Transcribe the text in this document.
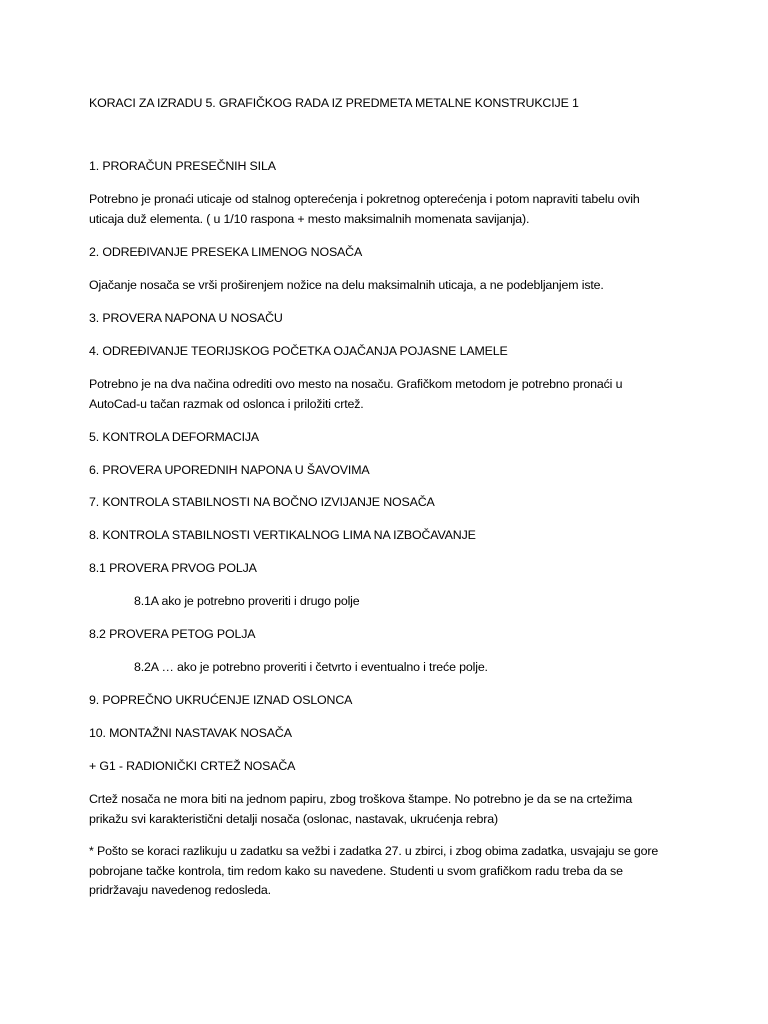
KORACI ZA IZRADU 5. GRAFIČKOG RADA IZ PREDMETA METALNE KONSTRUKCIJE 1
1. PRORAČUN PRESEČNIH SILA
Potrebno je pronaći uticaje od stalnog opterećenja i pokretnog opterećenja i potom napraviti tabelu ovih
uticaja duž elementa. ( u 1/10 raspona + mesto maksimalnih momenata savijanja).
2. ODREĐIVANJE PRESEKA LIMENOG NOSAČA
Ojačanje nosača se vrši proširenjem nožice na delu maksimalnih uticaja, a ne podebljanjem iste.
3. PROVERA NAPONA U NOSAČU
4. ODREĐIVANJE TEORIJSKOG POČETKA OJAČANJA POJASNE LAMELE
Potrebno je na dva načina odrediti ovo mesto na nosaču. Grafičkom metodom je potrebno pronaći u
AutoCad-u tačan razmak od oslonca i priložiti crtež.
5. KONTROLA DEFORMACIJA
6. PROVERA UPOREDNIH NAPONA U ŠAVOVIMA
7. KONTROLA STABILNOSTI NA BOČNO IZVIJANJE NOSAČA
8. KONTROLA STABILNOSTI VERTIKALNOG LIMA NA IZBOČAVANJE
8.1 PROVERA PRVOG POLJA
8.1A ako je potrebno proveriti i drugo polje
8.2 PROVERA PETOG POLJA
8.2A … ako je potrebno proveriti i četvrto i eventualno i treće polje.
9. POPREČNO UKRUĆENJE IZNAD OSLONCA
10. MONTAŽNI NASTAVAK NOSAČA
+ G1 - RADIONIČKI CRTEŽ NOSAČA
Crtež nosača ne mora biti na jednom papiru, zbog troškova štampe. No potrebno je da se na crtežima
prikažu svi karakteristični detalji nosača (oslonac, nastavak, ukrućenja rebra)
* Pošto se koraci razlikuju u zadatku sa vežbi i zadatka 27. u zbirci, i zbog obima zadatka, usvajaju se gore
pobrojane tačke kontrola, tim redom kako su navedene. Studenti u svom grafičkom radu treba da se
pridržavaju navedenog redosleda.
